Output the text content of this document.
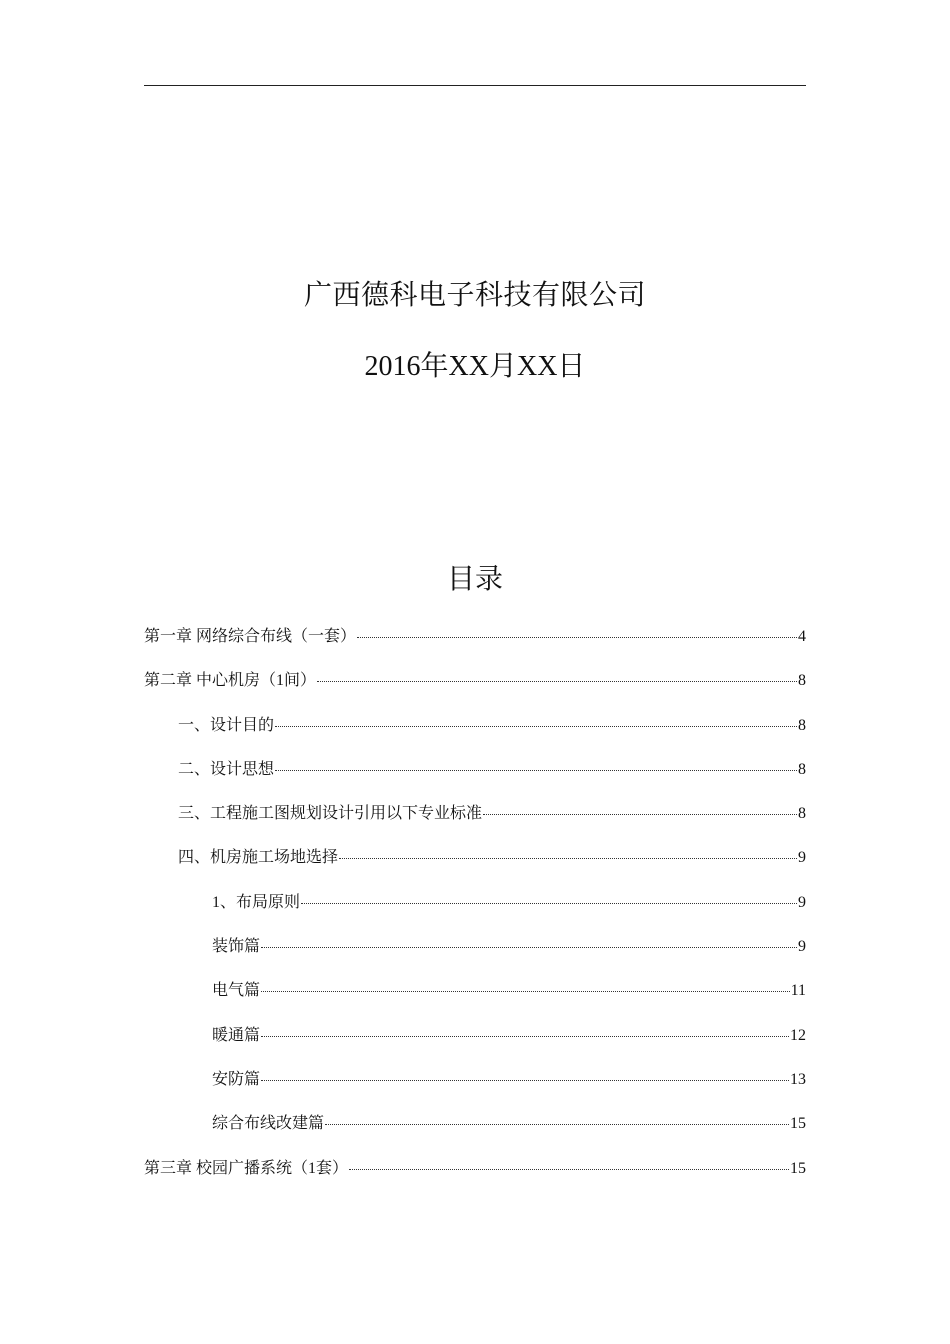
广西德科电子科技有限公司
2016年XX月XX日
目录
第一章 网络综合布线（一套）	4
第二章 中心机房（1间）	8
一、设计目的	8
二、设计思想	8
三、工程施工图规划设计引用以下专业标准	8
四、机房施工场地选择	9
1、布局原则	9
装饰篇	9
电气篇	11
暖通篇	12
安防篇	13
综合布线改建篇	15
第三章 校园广播系统（1套）	15
